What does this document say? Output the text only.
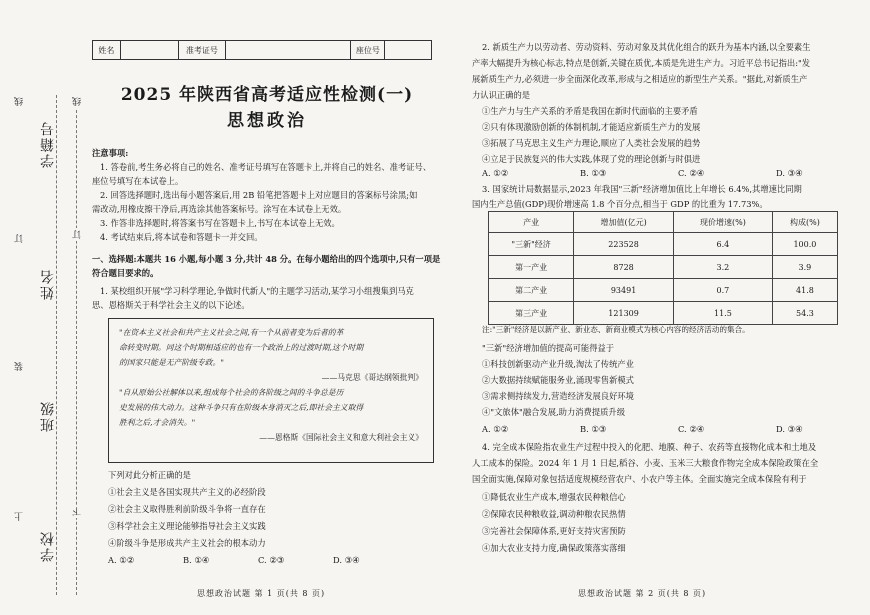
学籍号
姓名
班级
学校
线
订
装
上
线
订
下
姓名	准考证号	座位号
2025 年陕西省高考适应性检测(一)
思想政治
注意事项:
1. 答卷前,考生务必将自己的姓名、准考证号填写在答题卡上,并将自己的姓名、准考证号、
座位号填写在本试卷上。
2. 回答选择题时,选出每小题答案后,用 2B 铅笔把答题卡上对应题目的答案标号涂黑;如
需改动,用橡皮擦干净后,再选涂其他答案标号。涂写在本试卷上无效。
3. 作答非选择题时,将答案书写在答题卡上,书写在本试卷上无效。
4. 考试结束后,将本试卷和答题卡一并交回。
一、选择题:本题共 16 小题,每小题 3 分,共计 48 分。在每小题给出的四个选项中,只有一项是
符合题目要求的。
1. 某校组织开展"学习科学理论,争做时代新人"的主题学习活动,某学习小组搜集到马克
思、恩格斯关于科学社会主义的以下论述。
"在资本主义社会和共产主义社会之间,有一个从前者变为后者的革
命转变时期。同这个时期相适应的也有一个政治上的过渡时期,这个时期
的国家只能是无产阶级专政。"
——马克思《哥达纲领批判》
"自从原始公社解体以来,组成每个社会的各阶级之间的斗争总是历
史发展的伟大动力。这种斗争只有在阶级本身消灭之后,即社会主义取得
胜利之后,才会消失。"
——恩格斯《国际社会主义和意大利社会主义》
下列对此分析正确的是
①社会主义是各国实现共产主义的必经阶段
②社会主义取得胜利前阶级斗争将一直存在
③科学社会主义理论能够指导社会主义实践
④阶级斗争是形成共产主义社会的根本动力
A. ①②	B. ①④	C. ②③	D. ③④
思想政治试题 第 1 页(共 8 页)
2. 新质生产力以劳动者、劳动资料、劳动对象及其优化组合的跃升为基本内涵,以全要素生
产率大幅提升为核心标志,特点是创新,关键在质优,本质是先进生产力。习近平总书记指出:"发
展新质生产力,必须进一步全面深化改革,形成与之相适应的新型生产关系。"据此,对新质生产
力认识正确的是
①生产力与生产关系的矛盾是我国在新时代面临的主要矛盾
②只有体现激励创新的体制机制,才能适应新质生产力的发展
③拓展了马克思主义生产力理论,顺应了人类社会发展的趋势
④立足于民族复兴的伟大实践,体现了党的理论创新与时俱进
A. ①②	B. ①③	C. ②④	D. ③④
3. 国家统计局数据显示,2023 年我国"三新"经济增加值比上年增长 6.4%,其增速比同期
国内生产总值(GDP)现价增速高 1.8 个百分点,相当于 GDP 的比重为 17.73%。
产业	增加值(亿元)	现价增速(%)	构成(%)
"三新"经济	223528	6.4	100.0
第一产业	8728	3.2	3.9
第二产业	93491	0.7	41.8
第三产业	121309	11.5	54.3
注:"三新"经济是以新产业、新业态、新商业模式为核心内容的经济活动的集合。
"三新"经济增加值的提高可能得益于
①科技创新驱动产业升级,淘汰了传统产业
②大数据持续赋能服务业,涌现零售新模式
③需求侧持续发力,营造经济发展良好环境
④"文旅体"融合发展,助力消费提质升级
A. ①②	B. ①③	C. ②④	D. ③④
4. 完全成本保险指农业生产过程中投入的化肥、地膜、种子、农药等直接物化成本和土地及
人工成本的保险。2024 年 1 月 1 日起,稻谷、小麦、玉米三大粮食作物完全成本保险政策在全
国全面实施,保障对象包括适度规模经营农户、小农户等主体。全面实施完全成本保险有利于
①降低农业生产成本,增强农民种粮信心
②保障农民种粮收益,调动种粮农民热情
③完善社会保障体系,更好支持灾害预防
④加大农业支持力度,确保政策落实落细
思想政治试题 第 2 页(共 8 页)
